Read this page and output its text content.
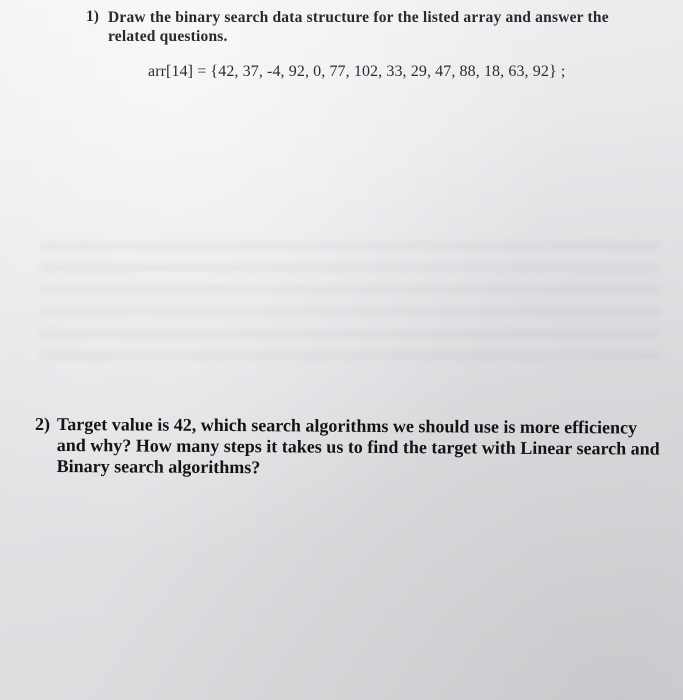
1) Draw the binary search data structure for the listed array and answer the related questions.
arr[14] = {42, 37, -4, 92, 0, 77, 102, 33, 29, 47, 88, 18, 63, 92} ;
2) Target value is 42, which search algorithms we should use is more efficiency and why? How many steps it takes us to find the target with Linear search and Binary search algorithms?
